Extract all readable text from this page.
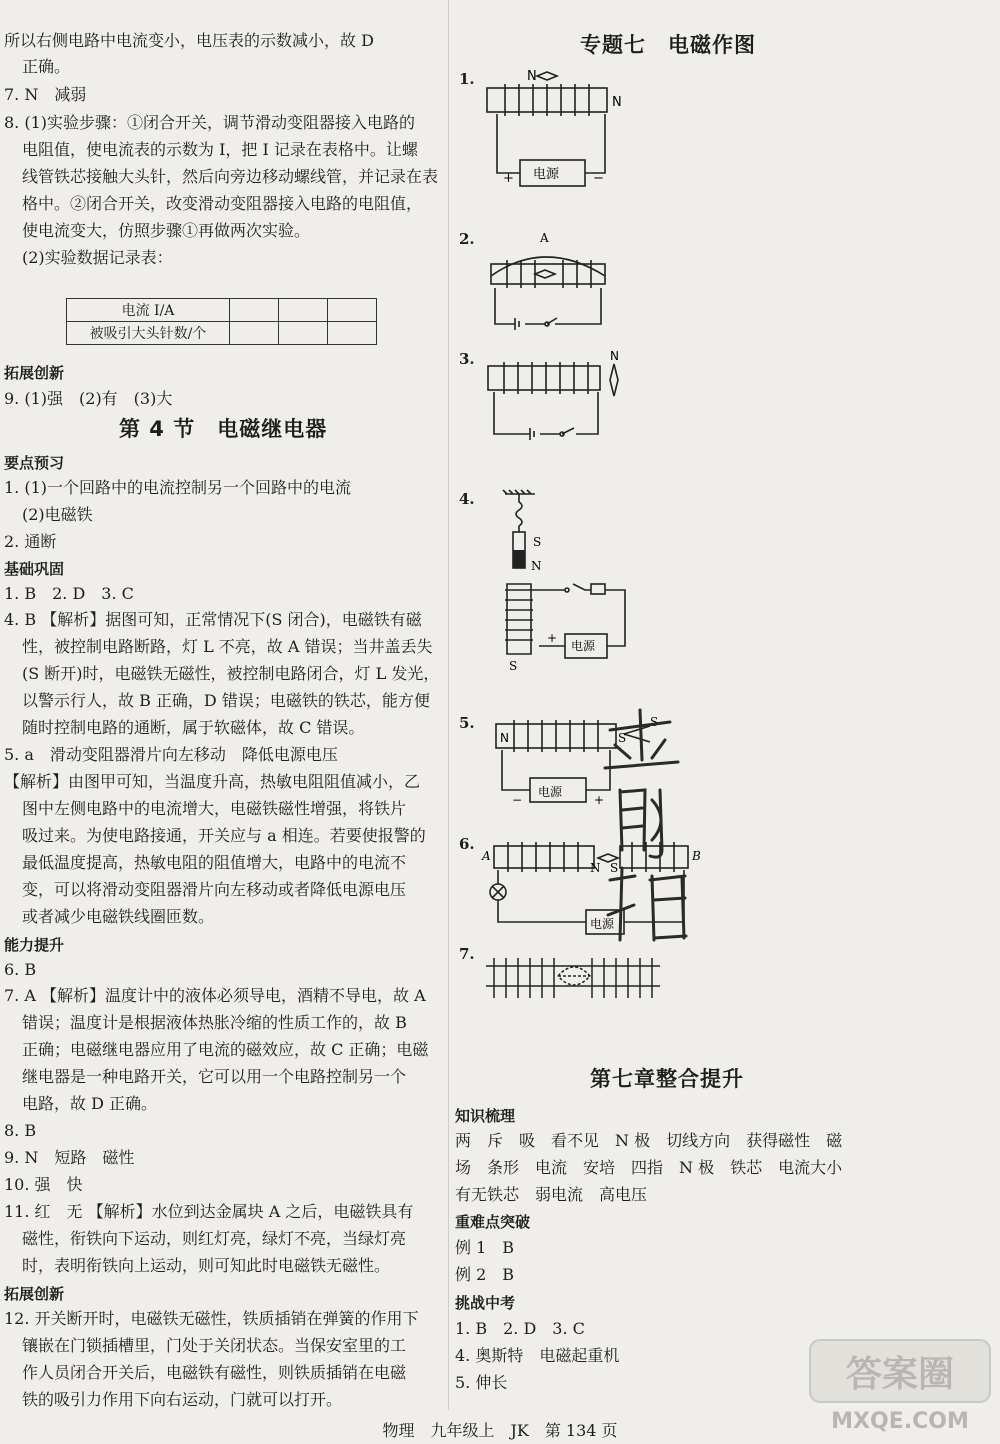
所以右侧电路中电流变小，电压表的示数减小，故 D
正确。
7. N　减弱
8. (1)实验步骤：①闭合开关，调节滑动变阻器接入电路的
电阻值，使电流表的示数为 I，把 I 记录在表格中。让螺
线管铁芯接触大头针，然后向旁边移动螺线管，并记录在表
格中。②闭合开关，改变滑动变阻器接入电路的电阻值，
使电流变大，仿照步骤①再做两次实验。
(2)实验数据记录表：
电流 I/A			
被吸引大头针数/个			
拓展创新
9. (1)强　(2)有　(3)大
第 4 节　电磁继电器
要点预习
1. (1)一个回路中的电流控制另一个回路中的电流
(2)电磁铁
2. 通断
基础巩固
1. B　2. D　3. C
4. B 【解析】据图可知，正常情况下(S 闭合)，电磁铁有磁
性，被控制电路断路，灯 L 不亮，故 A 错误；当井盖丢失
(S 断开)时，电磁铁无磁性，被控制电路闭合，灯 L 发光，
以警示行人，故 B 正确，D 错误；电磁铁的铁芯，能方便
随时控制电路的通断，属于软磁体，故 C 错误。
5. a　滑动变阻器滑片向左移动　降低电源电压
【解析】由图甲可知，当温度升高，热敏电阻阻值减小，乙
图中左侧电路中的电流增大，电磁铁磁性增强，将铁片
吸过来。为使电路接通，开关应与 a 相连。若要使报警的
最低温度提高，热敏电阻的阻值增大，电路中的电流不
变，可以将滑动变阻器滑片向左移动或者降低电源电压
或者减少电磁铁线圈匝数。
能力提升
6. B
7. A 【解析】温度计中的液体必须导电，酒精不导电，故 A
错误；温度计是根据液体热胀冷缩的性质工作的，故 B
正确；电磁继电器应用了电流的磁效应，故 C 正确；电磁
继电器是一种电路开关，它可以用一个电路控制另一个
电路，故 D 正确。
8. B
9. N　短路　磁性
10. 强　快
11. 红　无 【解析】水位到达金属块 A 之后，电磁铁具有
磁性，衔铁向下运动，则红灯亮，绿灯不亮，当绿灯亮
时，表明衔铁向上运动，则可知此时电磁铁无磁性。
拓展创新
12. 开关断开时，电磁铁无磁性，铁质插销在弹簧的作用下
镶嵌在门锁插槽里，门处于关闭状态。当保安室里的工
作人员闭合开关后，电磁铁有磁性，则铁质插销在电磁
铁的吸引力作用下向右运动，门就可以打开。
专题七　电磁作图
1.	N
N
+	−
电源
2.	A
3.	N
4.
S
N
S
+
电源
5.
N	S
S
−	+
电源
6.
A	B
N S
电源
7.
第七章整合提升
知识梳理
两　斥　吸　看不见　N 极　切线方向　获得磁性　磁
场　条形　电流　安培　四指　N 极　铁芯　电流大小
有无铁芯　弱电流　高电压
重难点突破
例 1　B
例 2　B
挑战中考
1. B　2. D　3. C
4. 奥斯特　电磁起重机
5. 伸长	答案圈
MXQE.COM
物理　九年级上　JK　第 134 页
